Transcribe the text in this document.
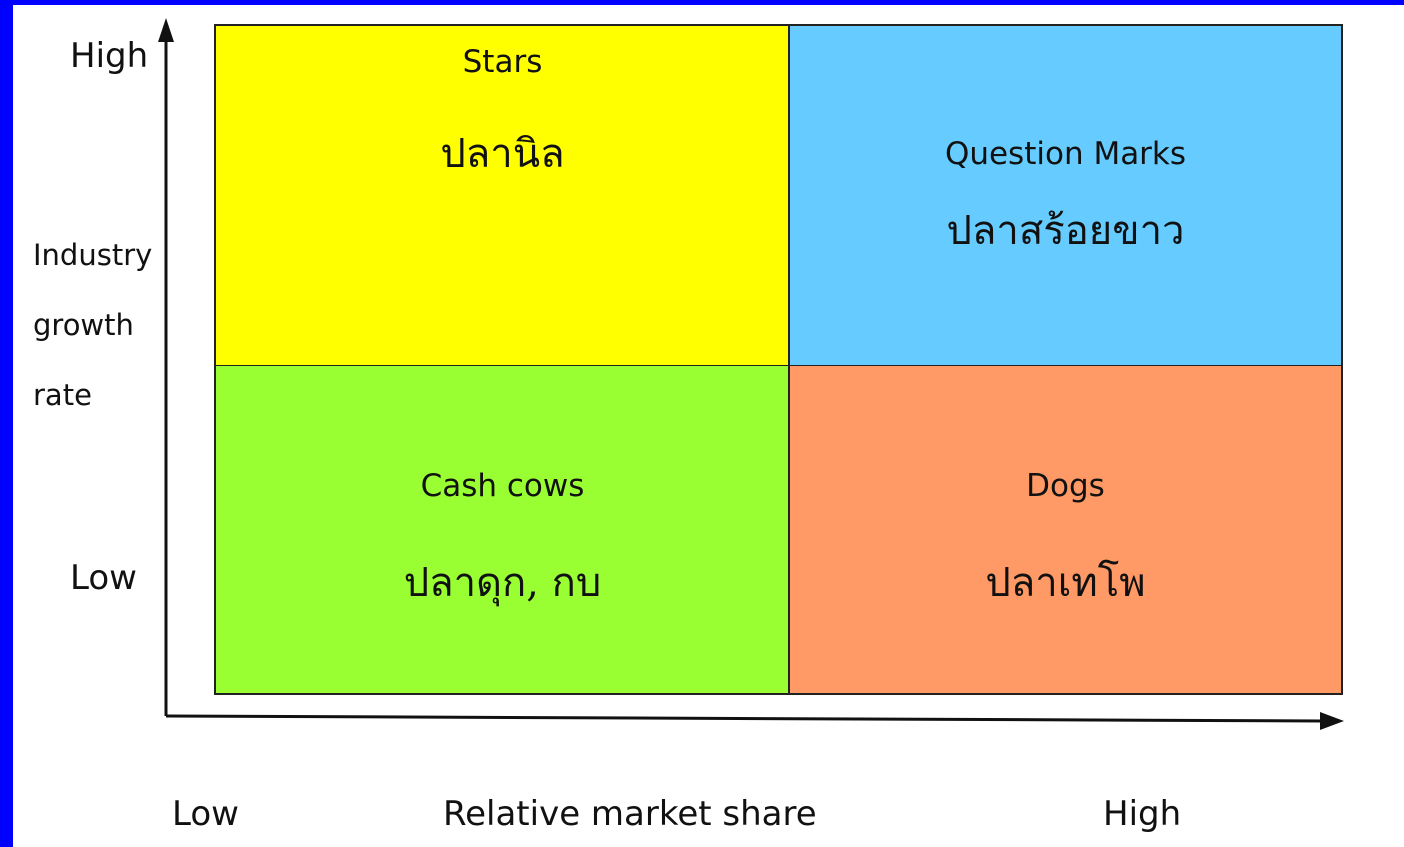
Stars
ปลานิล	Question Marks
ปลาสร้อยขาว
Cash cows
ปลาดุก, กบ
Dogs
ปลาเทโพ
High
Industry
growth
rate
Low
Low	Relative market share	High
